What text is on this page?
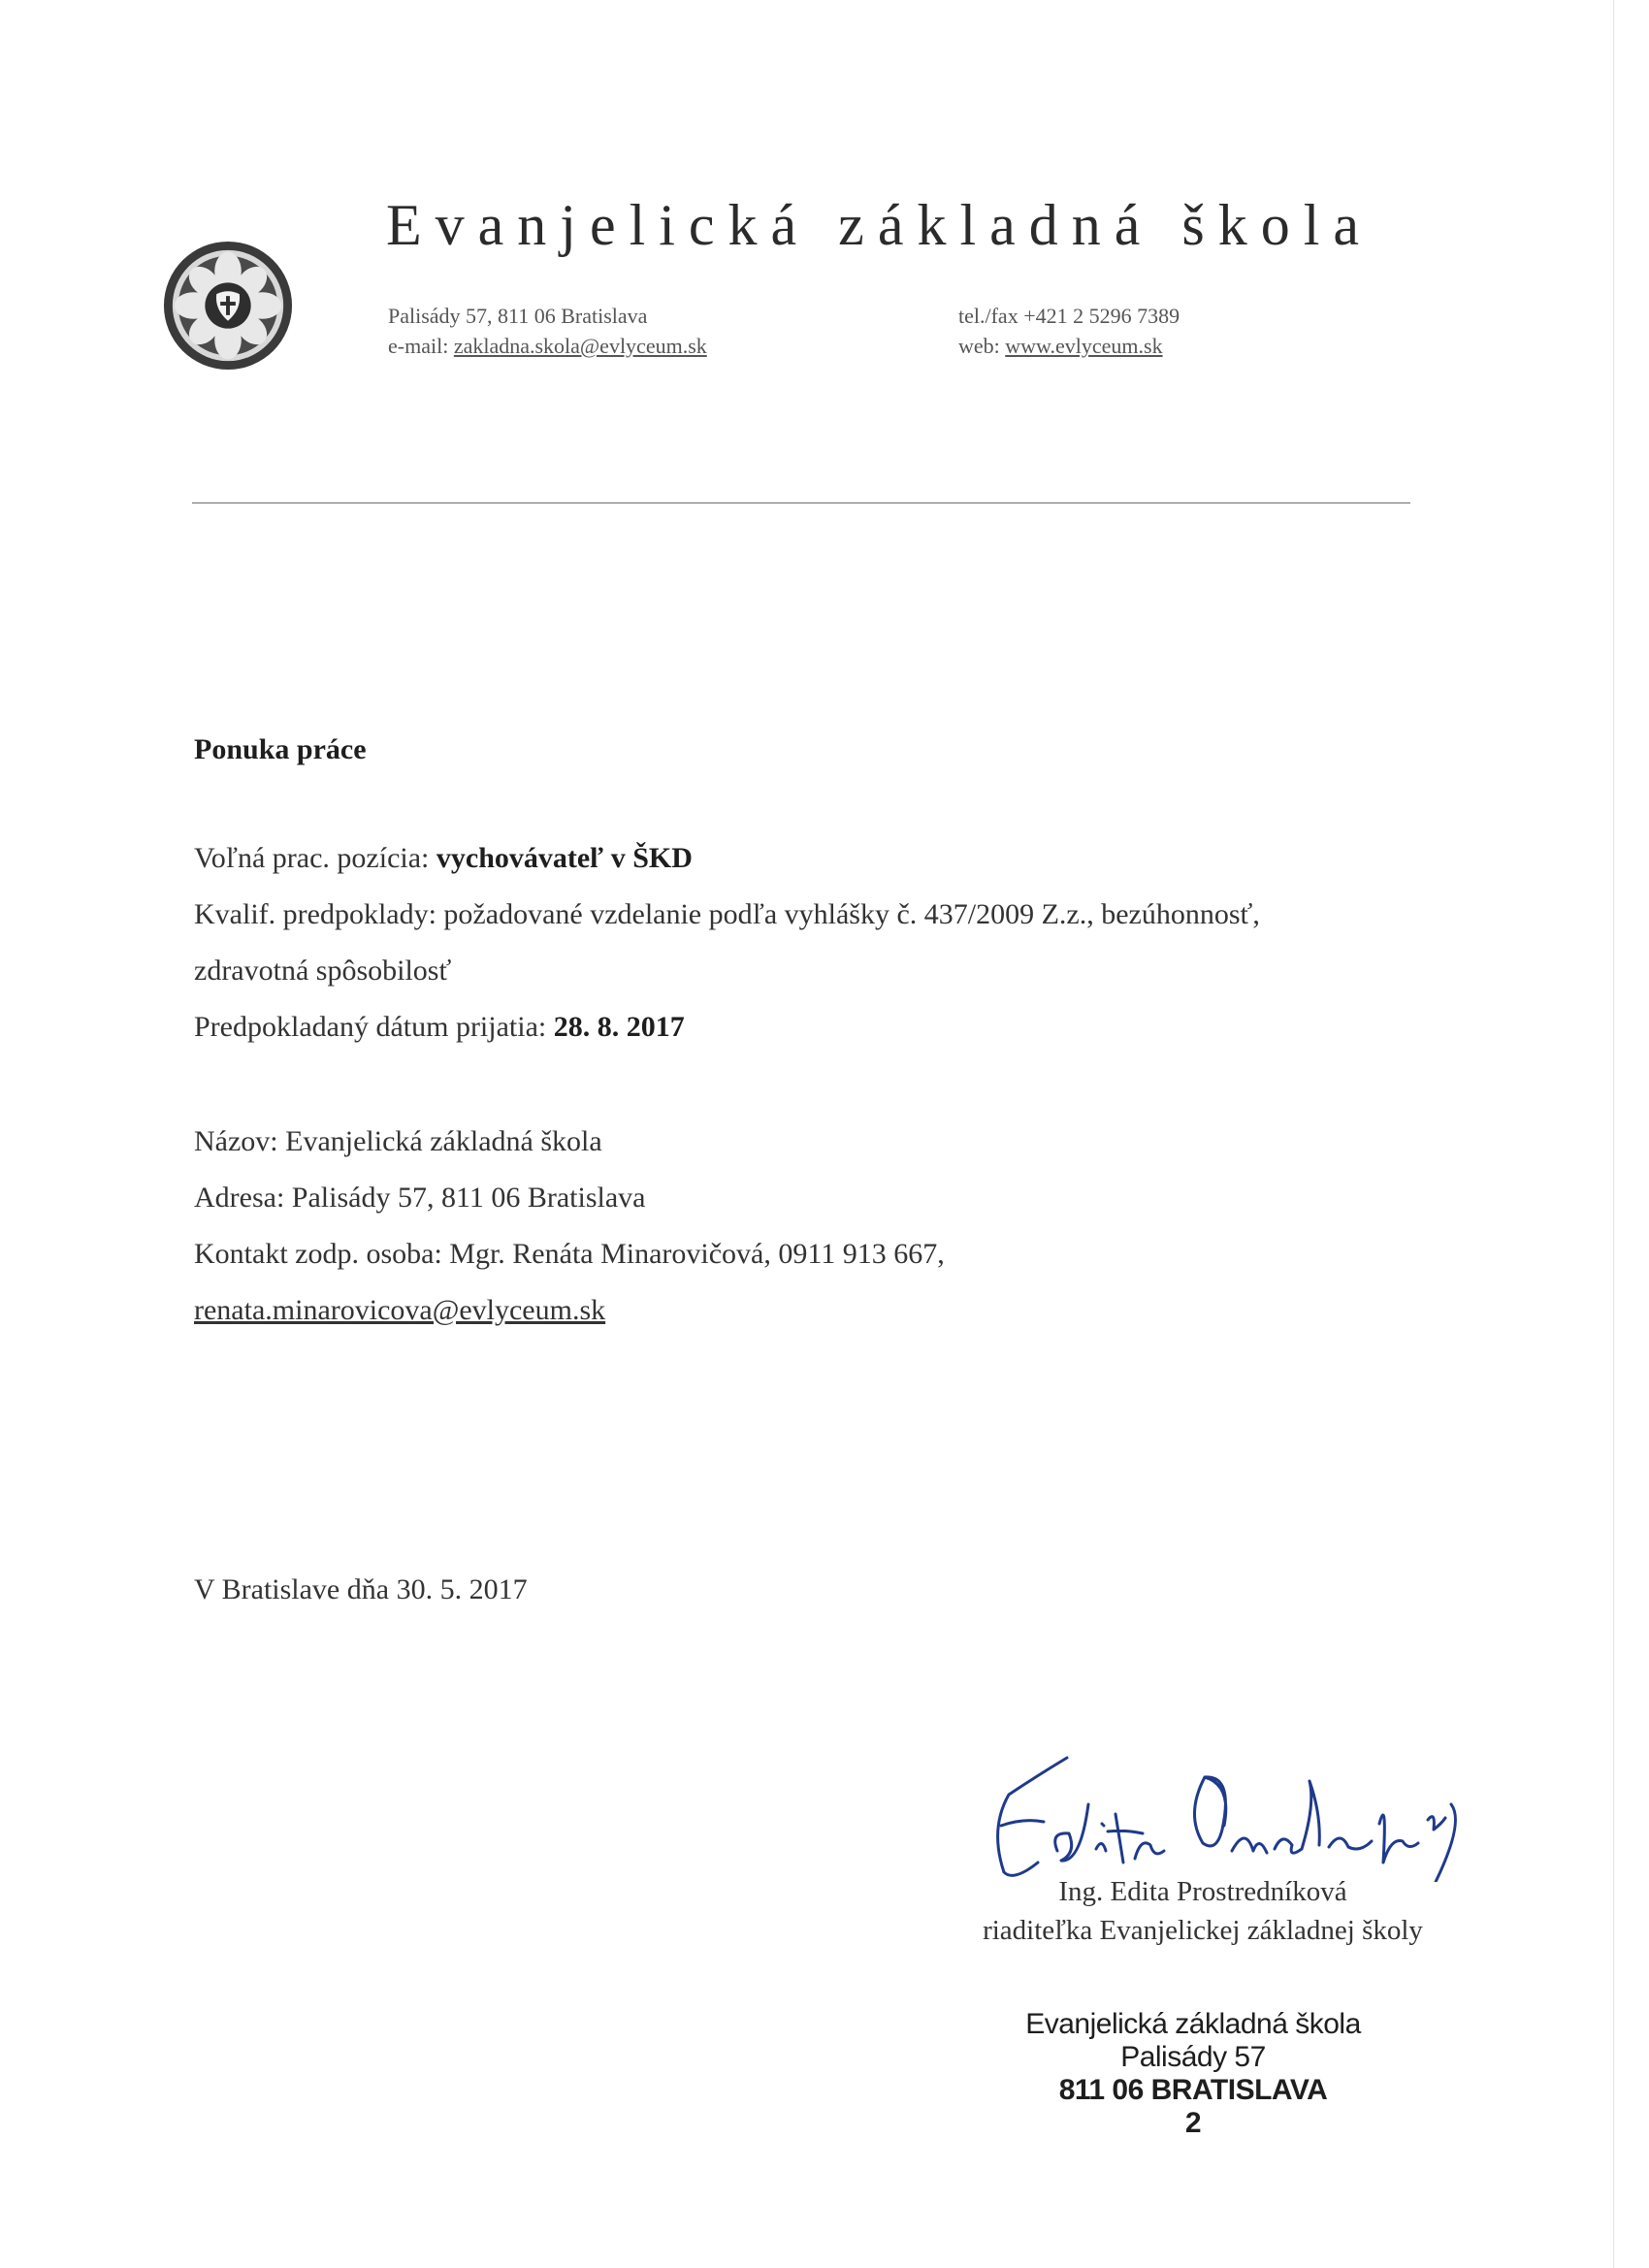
Evanjelická základná škola
Palisády 57, 811 06 Bratislava
e-mail: zakladna.skola@evlyceum.sk
tel./fax +421 2 5296 7389
web: www.evlyceum.sk
Ponuka práce
Voľná prac. pozícia: vychovávateľ v ŠKD
Kvalif. predpoklady: požadované vzdelanie podľa vyhlášky č. 437/2009 Z.z., bezúhonnosť,
zdravotná spôsobilosť
Predpokladaný dátum prijatia: 28. 8. 2017
Názov: Evanjelická základná škola
Adresa: Palisády 57, 811 06 Bratislava
Kontakt zodp. osoba: Mgr. Renáta Minarovičová, 0911 913 667,
renata.minarovicova@evlyceum.sk
V Bratislave dňa 30. 5. 2017
Ing. Edita Prostredníková
riaditeľka Evanjelickej základnej školy
Evanjelická základná škola
Palisády 57
811 06 BRATISLAVA
2
